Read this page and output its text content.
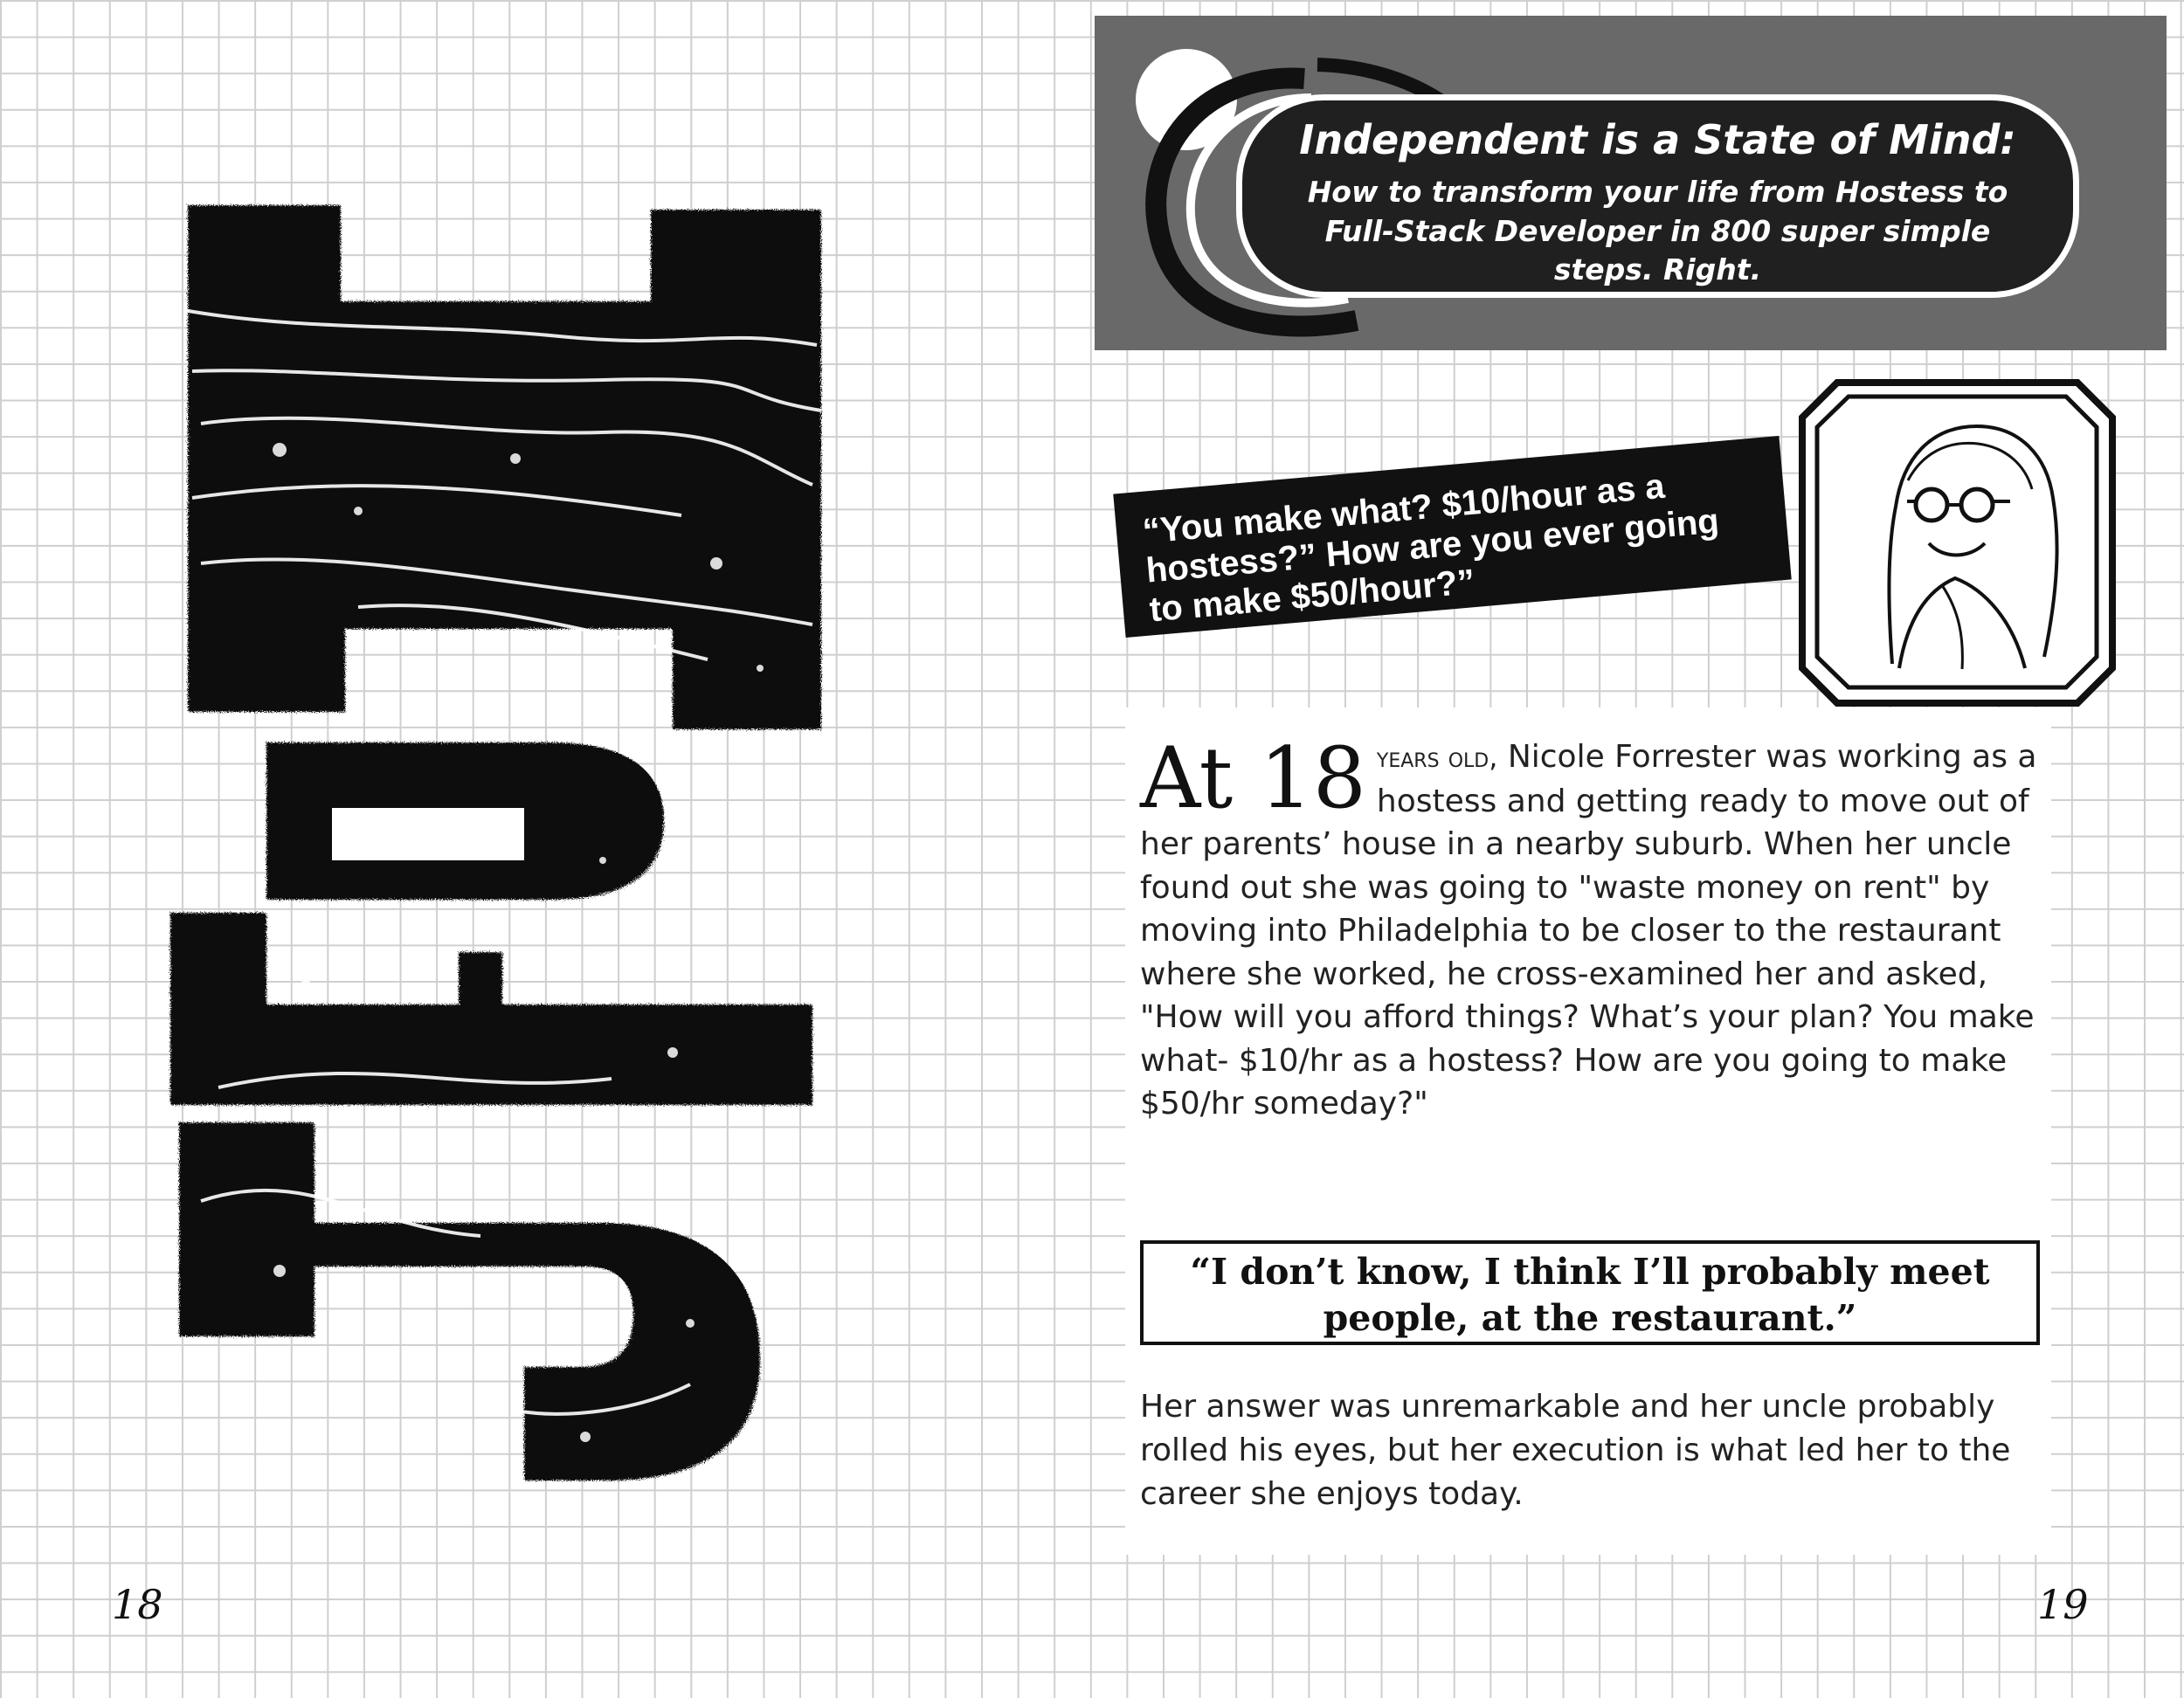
18
Independent is a State of Mind:
How to transform your life from Hostess to Full-Stack Developer in 800 super simple steps. Right.
“You make what? $10/hour as a hostess?” How are you ever going to make $50/hour?”
At 18 years old, Nicole Forrester was working as a hostess and getting ready to move out of her parents’ house in a nearby suburb. When her uncle found out she was going to "waste money on rent" by moving into Philadelphia to be closer to the restaurant where she worked, he cross-examined her and asked, "How will you afford things? What’s your plan? You make what- $10/hr as a hostess? How are you going to make $50/hr someday?"
“I don’t know, I think I’ll probably meet people, at the restaurant.”
Her answer was unremarkable and her uncle probably rolled his eyes, but her execution is what led her to the career she enjoys today.
19
